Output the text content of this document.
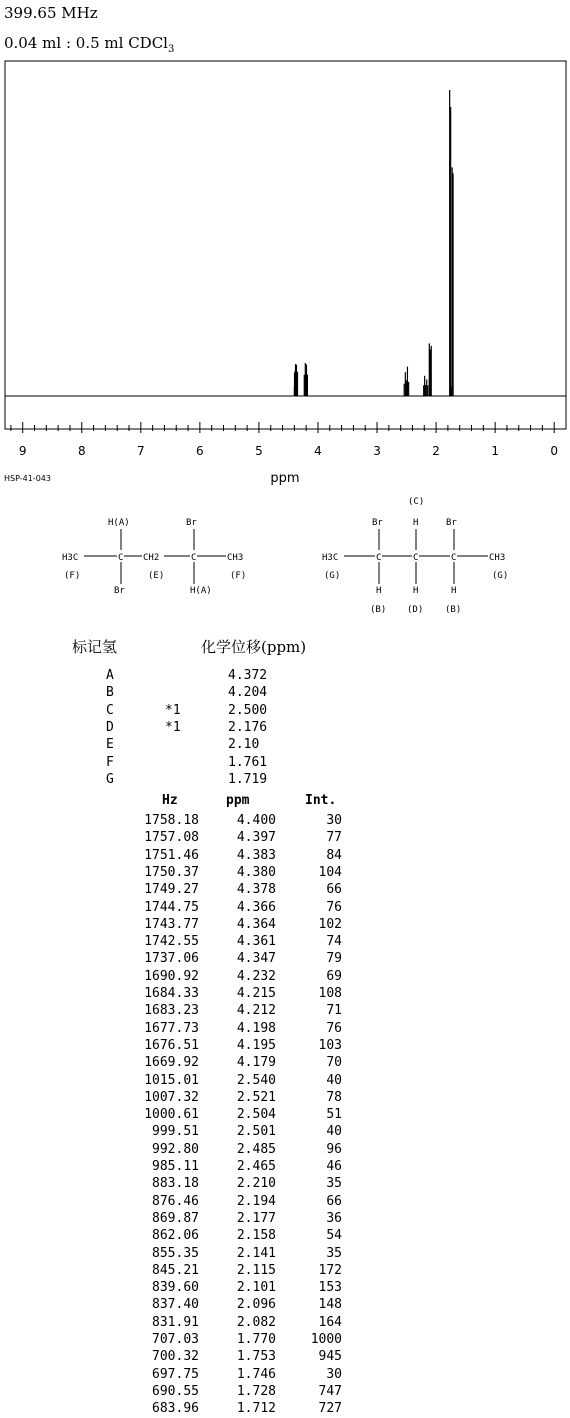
399.65 MHz
0.04 ml : 0.5 ml CDCl$_3$
9	8	7	6	5	4	3	2	1	0
ppm
HSP-41-043
H(A)	Br
H3C	C CH2	C	CH3
(F)	(E)	(F)
Br	H(A)
(C)
Br	H	Br
H3C	C	C	C	CH3
(G)	(G)
H	H	H
(B) (D) (B)
标记氢	化学位移(ppm)
A	4.372
B	4.204
C	*1	2.500
D	*1	2.176
E	2.10
F	1.761
G	1.719
Hz	ppm	Int.
1758.18	4.400	30
1757.08	4.397	77
1751.46	4.383	84
1750.37	4.380	104
1749.27	4.378	66
1744.75	4.366	76
1743.77	4.364	102
1742.55	4.361	74
1737.06	4.347	79
1690.92	4.232	69
1684.33	4.215	108
1683.23	4.212	71
1677.73	4.198	76
1676.51	4.195	103
1669.92	4.179	70
1015.01	2.540	40
1007.32	2.521	78
1000.61	2.504	51
999.51	2.501	40
992.80	2.485	96
985.11	2.465	46
883.18	2.210	35
876.46	2.194	66
869.87	2.177	36
862.06	2.158	54
855.35	2.141	35
845.21	2.115	172
839.60	2.101	153
837.40	2.096	148
831.91	2.082	164
707.03	1.770	1000
700.32	1.753	945
697.75	1.746	30
690.55	1.728	747
683.96	1.712	727
